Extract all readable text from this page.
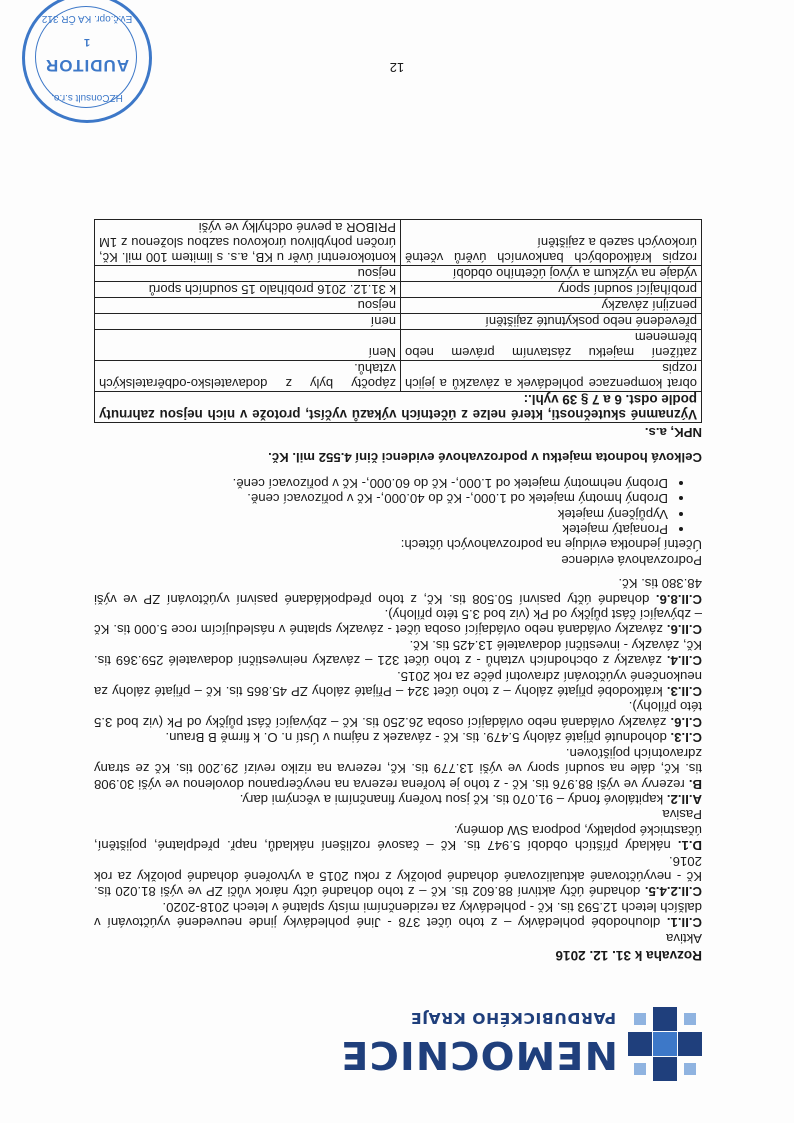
NEMOCNICE
PARDUBICKÉHO KRAJE

Rozvaha k 31. 12. 2016

Aktiva

C.II.1. dlouhodobé pohledávky – z toho účet 378 - Jiné pohledávky jinde neuvedené vyúčtování v dalších letech 12.593 tis. Kč - pohledávky za rezidenčními místy splatné v letech 2018-2020.

C.II.2.4.5. dohadné účty aktivní 88.602 tis. Kč – z toho dohadné účty nárok vůči ZP ve výši 81.020 tis. Kč - nevyúčtované aktualizované dohadné položky z roku 2015 a vytvořené dohadné položky za rok 2016.

D.1. náklady příštích období 5.947 tis. Kč – časové rozlišení nákladů, např. předplatné, pojištění, účastnické poplatky, podpora SW domény.

Pasiva

A.II.2. kapitálové fondy – 91.070 tis. Kč jsou tvořeny finančními a věcnými dary.

B. rezervy ve výši 88.976 tis. Kč - z toho je tvořena rezerva na nevyčerpanou dovolenou ve výši 30.908 tis. Kč, dále na soudní spory ve výši 13.779 tis. Kč, rezerva na riziko revizí 29.200 tis. Kč ze strany zdravotních pojišťoven.

C.I.3. dohodnuté přijaté zálohy 5.479. tis. Kč - závazek z nájmu v Ústí n. O. k firmě B Braun.

C.I.6. závazky ovládaná nebo ovládající osoba 26.250 tis. Kč – zbývající část půjčky od Pk (viz bod 3.5 této přílohy).

C.II.3. krátkodobé přijaté zálohy – z toho účet 324 – Přijaté zálohy ZP 45.865 tis. Kč – přijaté zálohy za neukončené vyúčtování zdravotní péče za rok 2015.

C.II.4. závazky z obchodních vztahů - z toho účet 321 – závazky neinvestiční dodavatelé 259.369 tis. Kč, závazky - investiční dodavatelé 13.425 tis. Kč.

C.II.6. závazky ovládaná nebo ovládající osoba účet - závazky splatné v následujícím roce 5.000 tis. Kč – zbývající část půjčky od Pk (viz bod 3.5 této přílohy).

C.II.8.6. dohadné účty pasivní 50.508 tis. Kč, z toho předpokládané pasivní vyúčtování ZP ve výši 48.380 tis. Kč.

Podrozvahová evidence

Účetní jednotka eviduje na podrozvahových účtech:

• Pronajatý majetek
• Vypůjčený majetek
• Drobný hmotný majetek od 1.000,- Kč do 40.000,- Kč v pořizovací ceně.
• Drobný nehmotný majetek od 1.000,- Kč do 60.000,- Kč v pořizovací ceně.

Celková hodnota majetku v podrozvahové evidenci činí 4.552 mil. Kč.

NPK, a.s.

Významné skutečnosti, které nelze z účetních výkazů vyčíst, protože v nich nejsou zahrnuty podle odst. 6 a 7 § 39 vyhl.:	
obrat kompenzace pohledávek a závazků a jejich rozpis	zápočty byly z dodavatelsko-odběratelských vztahů.
zatížení majetku zástavním právem nebo břemenem	Není
převedené nebo poskytnuté zajištění	není
penzijní závazky	nejsou
probíhající soudní spory	k 31.12. 2016 probíhalo 15 soudních sporů
výdaje na výzkum a vývoj účetního období	nejsou
rozpis krátkodobých bankovních úvěrů včetně úrokových sazeb a zajištění	kontokorentní úvěr u KB, a.s. s limitem 100 mil. Kč, úročen pohyblivou úrokovou sazbou složenou z 1M PRIBOR a pevné odchylky ve výši
12
HZConsult s.r.o.
AUDITOR
1
Ev.č.opr. KA ČR 312
